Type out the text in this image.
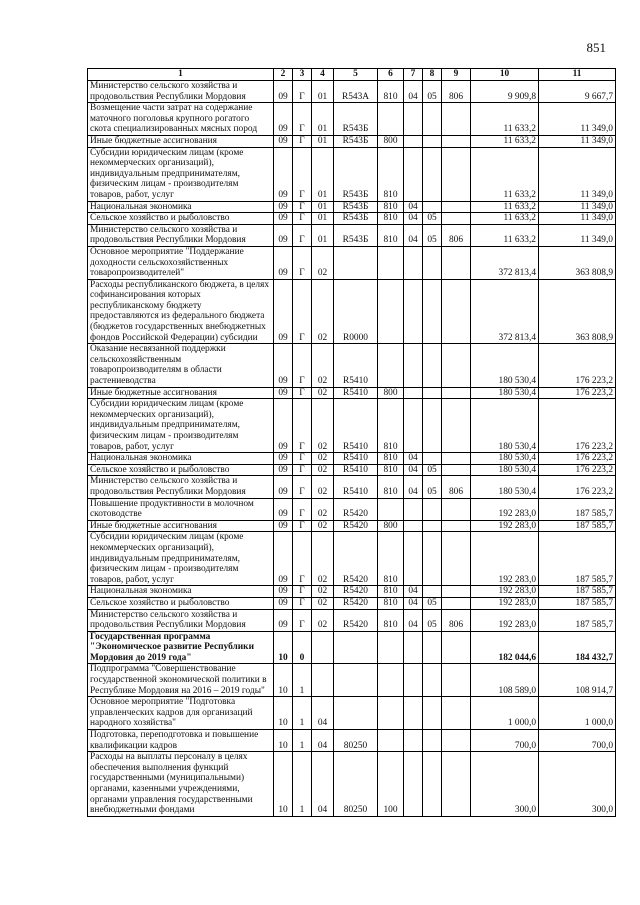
851
1	2	3	4	5	6	7	8	9	10	11
Министерство сельского хозяйства и продовольствия Республики Мордовия	09	Г	01	R543А	810	04	05	806	9 909,8	9 667,7
Возмещение части затрат на содержание маточного поголовья крупного рогатого скота специализированных мясных пород	09	Г	01	R543Б					11 633,2	11 349,0
Иные бюджетные ассигнования	09	Г	01	R543Б	800				11 633,2	11 349,0
Субсидии юридическим лицам (кроме некоммерческих организаций), индивидуальным предпринимателям, физическим лицам - производителям товаров, работ, услуг	09	Г	01	R543Б	810				11 633,2	11 349,0
Национальная экономика	09	Г	01	R543Б	810	04			11 633,2	11 349,0
Сельское хозяйство и рыболовство	09	Г	01	R543Б	810	04	05		11 633,2	11 349,0
Министерство сельского хозяйства и продовольствия Республики Мордовия	09	Г	01	R543Б	810	04	05	806	11 633,2	11 349,0
Основное мероприятие "Поддержание доходности сельскохозяйственных товаропроизводителей"	09	Г	02						372 813,4	363 808,9
Расходы республиканского бюджета, в целях софинансирования которых республиканскому бюджету предоставляются из федерального бюджета (бюджетов государственных внебюджетных фондов Российской Федерации) субсидии	09	Г	02	R0000					372 813,4	363 808,9
Оказание несвязанной поддержки сельскохозяйственным товаропроизводителям в области растениеводства	09	Г	02	R5410					180 530,4	176 223,2
Иные бюджетные ассигнования	09	Г	02	R5410	800				180 530,4	176 223,2
Субсидии юридическим лицам (кроме некоммерческих организаций), индивидуальным предпринимателям, физическим лицам - производителям товаров, работ, услуг	09	Г	02	R5410	810				180 530,4	176 223,2
Национальная экономика	09	Г	02	R5410	810	04			180 530,4	176 223,2
Сельское хозяйство и рыболовство	09	Г	02	R5410	810	04	05		180 530,4	176 223,2
Министерство сельского хозяйства и продовольствия Республики Мордовия	09	Г	02	R5410	810	04	05	806	180 530,4	176 223,2
Повышение продуктивности в молочном скотоводстве	09	Г	02	R5420					192 283,0	187 585,7
Иные бюджетные ассигнования	09	Г	02	R5420	800				192 283,0	187 585,7
Субсидии юридическим лицам (кроме некоммерческих организаций), индивидуальным предпринимателям, физическим лицам - производителям товаров, работ, услуг	09	Г	02	R5420	810				192 283,0	187 585,7
Национальная экономика	09	Г	02	R5420	810	04			192 283,0	187 585,7
Сельское хозяйство и рыболовство	09	Г	02	R5420	810	04	05		192 283,0	187 585,7
Министерство сельского хозяйства и продовольствия Республики Мордовия	09	Г	02	R5420	810	04	05	806	192 283,0	187 585,7
Государственная программа "Экономическое развитие Республики Мордовия до 2019 года"	10	0							182 044,6	184 432,7
Подпрограмма "Совершенствование государственной экономической политики в Республике Мордовия на 2016 – 2019 годы"	10	1							108 589,0	108 914,7
Основное мероприятие "Подготовка управленческих кадров для организаций народного хозяйства"	10	1	04						1 000,0	1 000,0
Подготовка, переподготовка и повышение квалификации кадров	10	1	04	80250					700,0	700,0
Расходы на выплаты персоналу в целях обеспечения выполнения функций государственными (муниципальными) органами, казенными учреждениями, органами управления государственными внебюджетными фондами	10	1	04	80250	100				300,0	300,0
